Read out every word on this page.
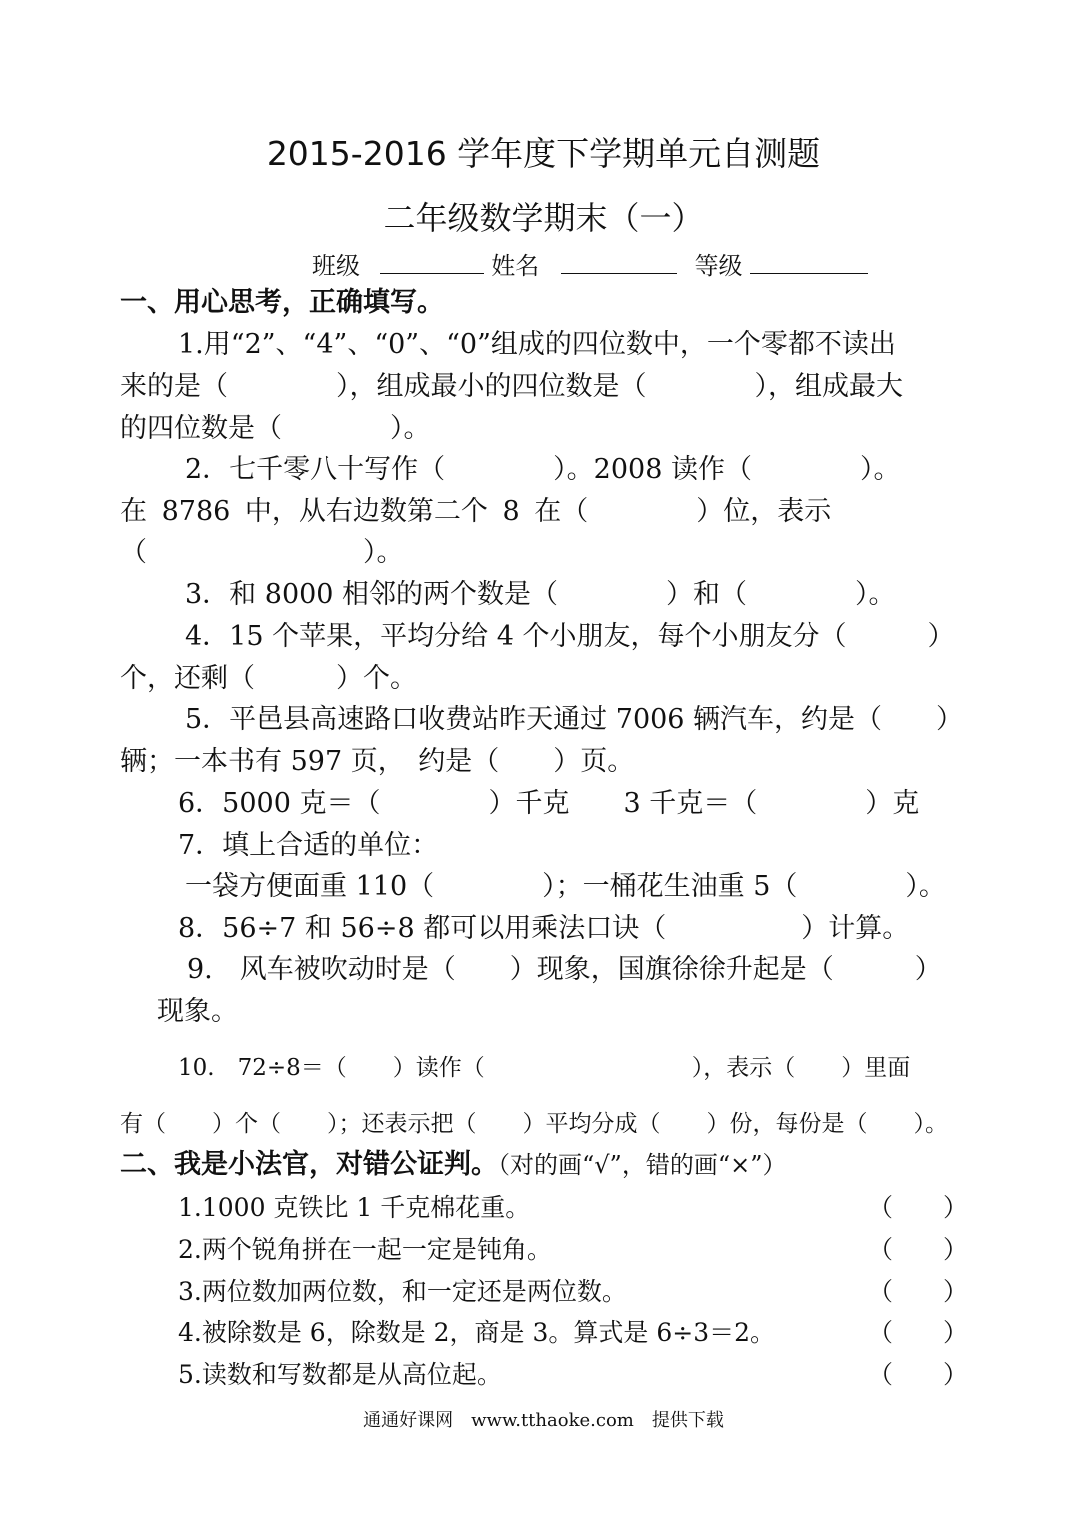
2015-2016 学年度下学期单元自测题
二年级数学期末（一）
班级	姓名	等级
一、用心思考，正确填写。
1.用“2”、“4”、“0”、“0”组成的四位数中，一个零都不读出
来的是（　　　　），组成最小的四位数是（　　　　），组成最大
的四位数是（　　　　）。
2．七千零八十写作（　　　　）。2008 读作（　　　　）。
在 8786 中，从右边数第二个 8 在（　　　　）位，表示
（　　　　　　　　）。
3．和 8000 相邻的两个数是（　　　　）和（　　　　）。
4．15 个苹果，平均分给 4 个小朋友，每个小朋友分（　　　）
个，还剩（　　　）个。
5．平邑县高速路口收费站昨天通过 7006 辆汽车，约是（　　）
辆；一本书有 597 页，　约是（　　）页。
6．5000 克＝（　　　　）千克　　3 千克＝（　　　　）克
7．填上合适的单位：
一袋方便面重 110（　　　　）；一桶花生油重 5（　　　　）。
8．56÷7 和 56÷8 都可以用乘法口诀（　　　　　）计算。
9.　风车被吹动时是（　　）现象，国旗徐徐升起是（　　　）
现象。
10.　72÷8＝（　　）读作（　　　　　　　　　），表示（　　）里面
有（　　）个（　　）；还表示把（　　）平均分成（　　）份，每份是（　　）。
二、我是小法官，对错公证判。（对的画“√”，错的画“×”）
1.1000 克铁比 1 千克棉花重。	（　　）
2.两个锐角拼在一起一定是钝角。	（　　）
3.两位数加两位数，和一定还是两位数。	（　　）
4.被除数是 6，除数是 2，商是 3。算式是 6÷3＝2。	（　　）
5.读数和写数都是从高位起。	（　　）
通通好课网　www.tthaoke.com　提供下载
